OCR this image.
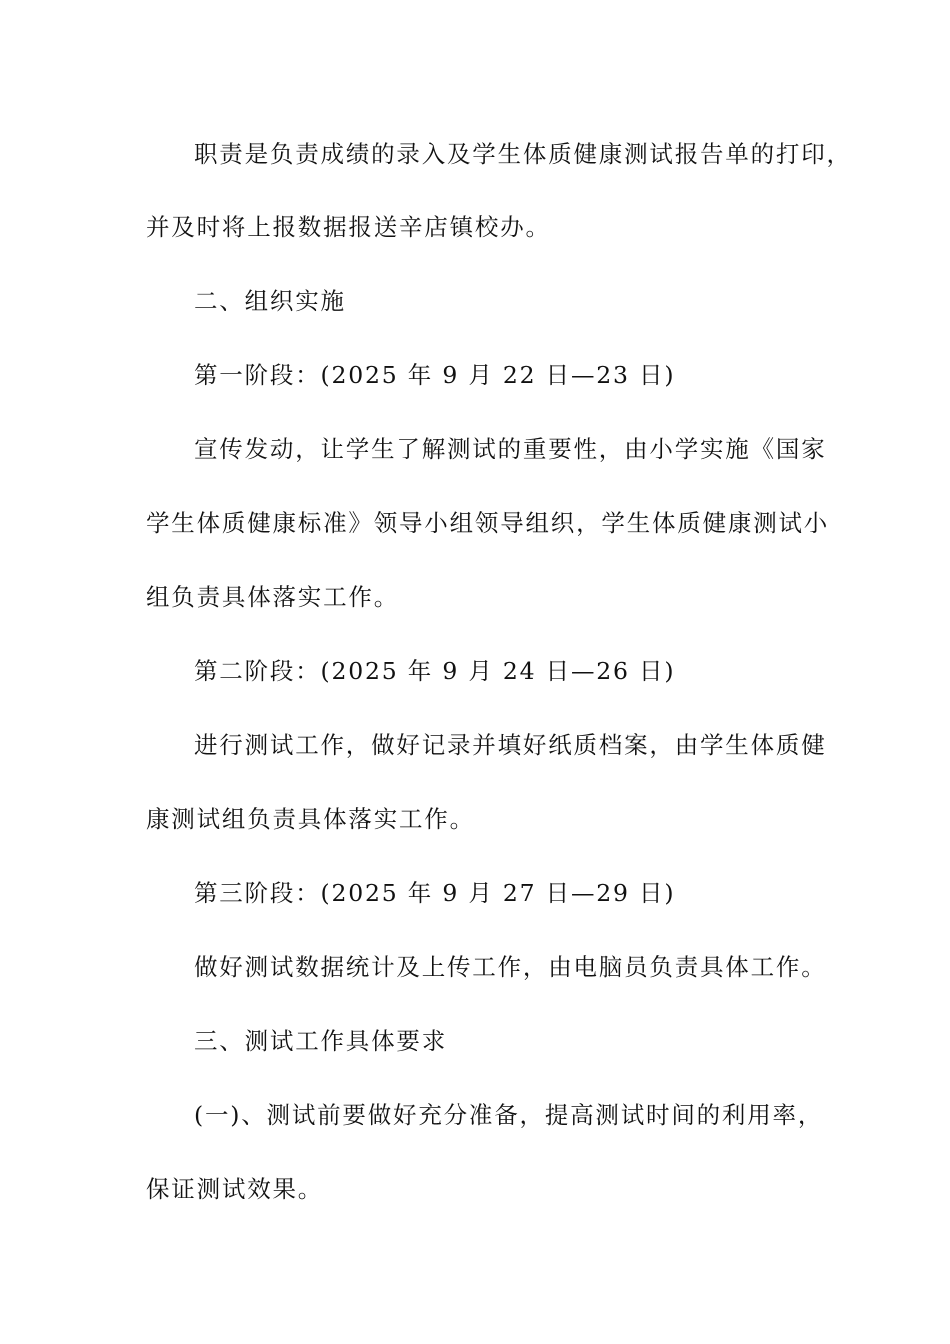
职责是负责成绩的录入及学生体质健康测试报告单的打印，
并及时将上报数据报送辛店镇校办。
二、组织实施
第一阶段：(2025 年 9 月 22 日—23 日)
宣传发动，让学生了解测试的重要性，由小学实施《国家
学生体质健康标准》领导小组领导组织，学生体质健康测试小
组负责具体落实工作。
第二阶段：(2025 年 9 月 24 日—26 日)
进行测试工作，做好记录并填好纸质档案，由学生体质健
康测试组负责具体落实工作。
第三阶段：(2025 年 9 月 27 日—29 日)
做好测试数据统计及上传工作，由电脑员负责具体工作。
三、测试工作具体要求
(一)、测试前要做好充分准备，提高测试时间的利用率，
保证测试效果。
